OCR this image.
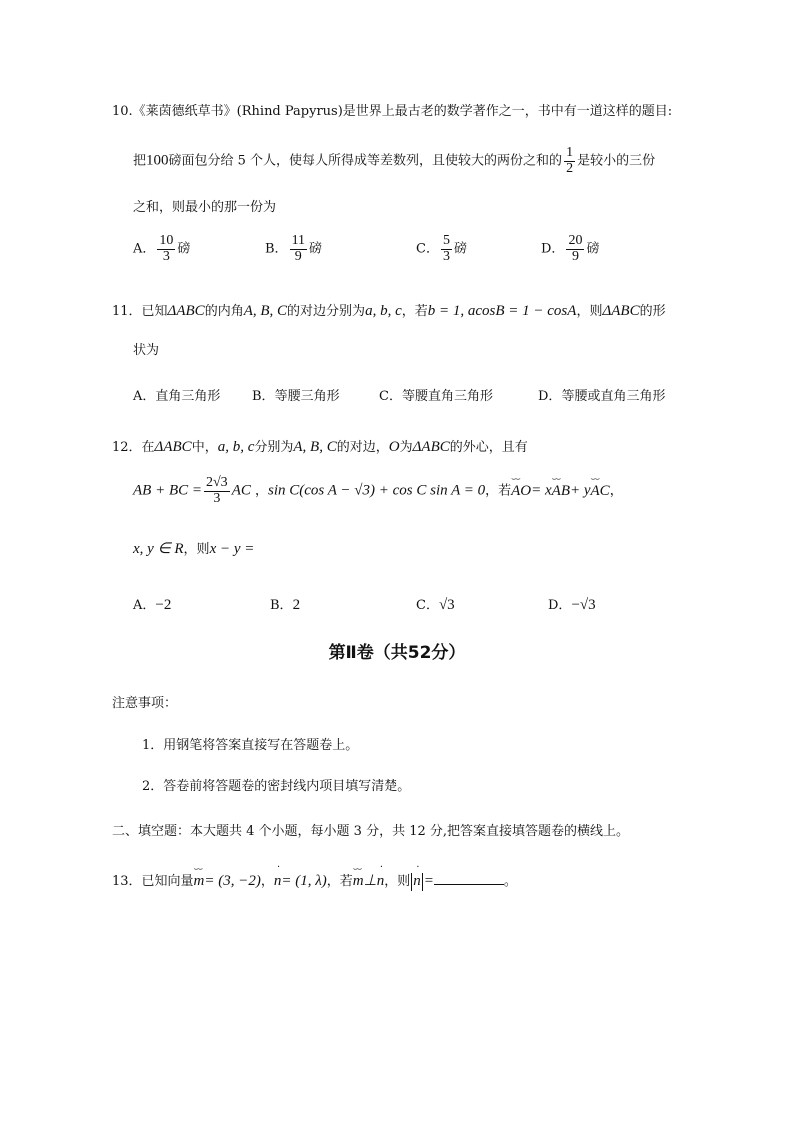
10.《莱茵德纸草书》(Rhind Papyrus)是世界上最古老的数学著作之一，书中有一道这样的题目:
把100磅面包分给 5 个人，使每人所得成等差数列，且使较大的两份之和的 $\frac{1}{2}$ 是较小的三份
之和，则最小的那一份为
A． $\frac{10}{3}$ 磅	B． $\frac{11}{9}$ 磅	C． $\frac{5}{3}$ 磅	D． $\frac{20}{9}$ 磅
11．已知ΔABC的内角A, B, C的对边分别为a, b, c，若b = 1, acosB = 1 − cosA，则ΔABC的形
状为
A．直角三角形 B．等腰三角形	C．等腰直角三角形	D．等腰或直角三角形
12．在ΔABC中，a, b, c分别为A, B, C的对边，O为ΔABC的外心，且有
AB + BC = $\frac{2√3}{3}$ AC ，sin C(cos A − √3) + cos C sin A = 0，若⌣⌣ AO= x⌣⌣ AB+ y⌣⌣ AC，
x, y ∈ R，则x − y =
A．−2	B．2	C．√3	D．−√3
第Ⅱ卷（共52分）
注意事项：
1．用钢笔将答案直接写在答题卷上。
2．答卷前将答题卷的密封线内项目填写清楚。
二、填空题：本大题共 4 个小题，每小题 3 分，共 12 分,把答案直接填答题卷的横线上。
13．已知向量⌣⌣ m= (3, −2)，· n= (1, λ)，若⌣⌣ m⊥· n，则· n =	。
